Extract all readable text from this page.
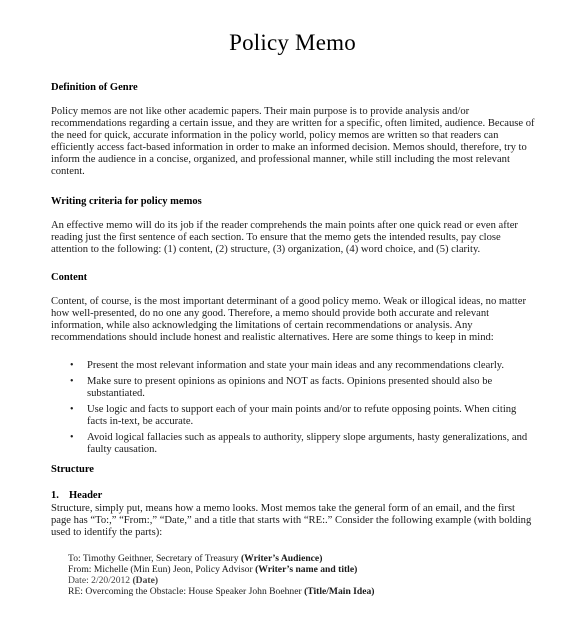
Policy Memo
Definition of Genre
Policy memos are not like other academic papers. Their main purpose is to provide analysis and/or
recommendations regarding a certain issue, and they are written for a specific, often limited, audience. Because of
the need for quick, accurate information in the policy world, policy memos are written so that readers can
efficiently access fact-based information in order to make an informed decision. Memos should, therefore, try to
inform the audience in a concise, organized, and professional manner, while still including the most relevant
content.
Writing criteria for policy memos
An effective memo will do its job if the reader comprehends the main points after one quick read or even after
reading just the first sentence of each section. To ensure that the memo gets the intended results, pay close
attention to the following: (1) content, (2) structure, (3) organization, (4) word choice, and (5) clarity.
Content
Content, of course, is the most important determinant of a good policy memo. Weak or illogical ideas, no matter
how well-presented, do no one any good. Therefore, a memo should provide both accurate and relevant
information, while also acknowledging the limitations of certain recommendations or analysis. Any
recommendations should include honest and realistic alternatives. Here are some things to keep in mind:
• Present the most relevant information and state your main ideas and any recommendations clearly.
• Make sure to present opinions as opinions and NOT as facts. Opinions presented should also be
substantiated.
• Use logic and facts to support each of your main points and/or to refute opposing points. When citing
facts in-text, be accurate.
• Avoid logical fallacies such as appeals to authority, slippery slope arguments, hasty generalizations, and
faulty causation.
Structure
1. Header
Structure, simply put, means how a memo looks. Most memos take the general form of an email, and the first
page has “To:,” “From:,” “Date,” and a title that starts with “RE:.” Consider the following example (with bolding
used to identify the parts):
To: Timothy Geithner, Secretary of Treasury (Writer’s Audience)
From: Michelle (Min Eun) Jeon, Policy Advisor (Writer’s name and title)
Date: 2/20/2012 (Date)
RE: Overcoming the Obstacle: House Speaker John Boehner (Title/Main Idea)
